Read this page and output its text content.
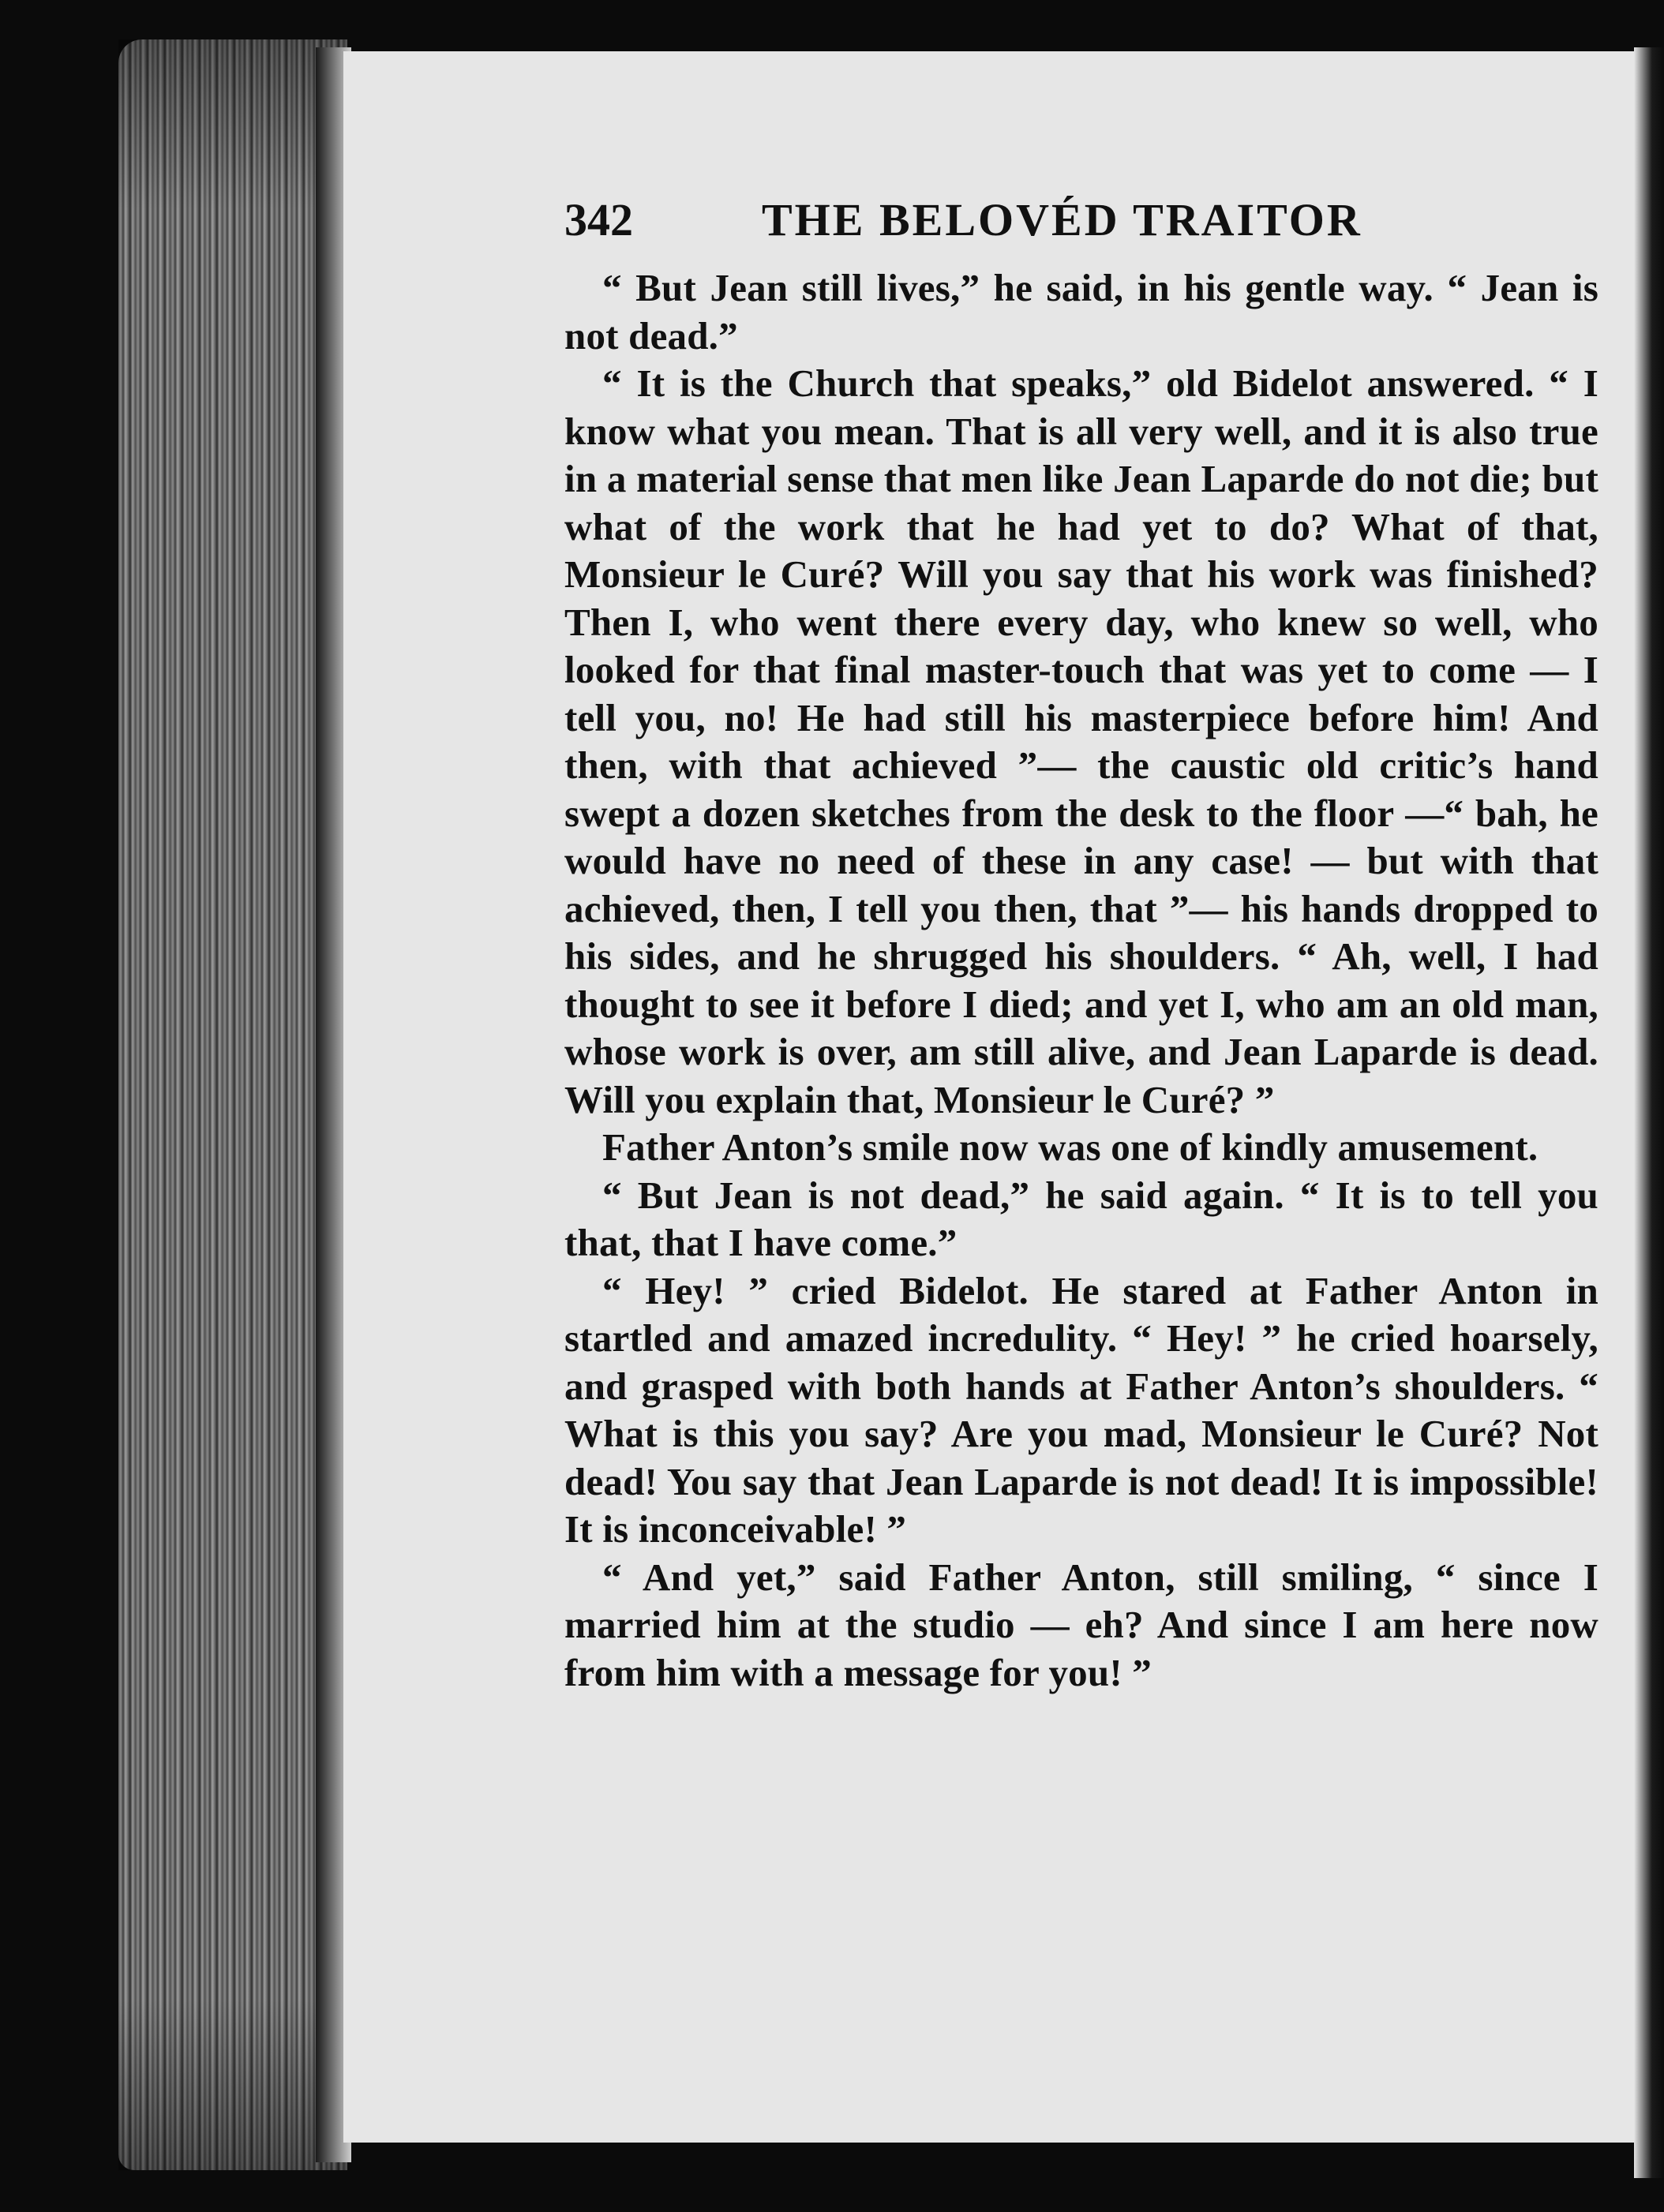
342	THE BELOVÉD TRAITOR

“ But Jean still lives,” he said, in his gentle way. “ Jean is not dead.”

“ It is the Church that speaks,” old Bidelot answered. “ I know what you mean. That is all very well, and it is also true in a material sense that men like Jean Laparde do not die; but what of the work that he had yet to do? What of that, Monsieur le Curé? Will you say that his work was finished? Then I, who went there every day, who knew so well, who looked for that final master-touch that was yet to come — I tell you, no! He had still his masterpiece before him! And then, with that achieved ”— the caustic old critic’s hand swept a dozen sketches from the desk to the floor —“ bah, he would have no need of these in any case! — but with that achieved, then, I tell you then, that ”— his hands dropped to his sides, and he shrugged his shoulders. “ Ah, well, I had thought to see it before I died; and yet I, who am an old man, whose work is over, am still alive, and Jean Laparde is dead. Will you explain that, Monsieur le Curé? ”

Father Anton’s smile now was one of kindly amusement.

“ But Jean is not dead,” he said again. “ It is to tell you that, that I have come.”

“ Hey! ” cried Bidelot. He stared at Father Anton in startled and amazed incredulity. “ Hey! ” he cried hoarsely, and grasped with both hands at Father Anton’s shoulders. “ What is this you say? Are you mad, Monsieur le Curé? Not dead! You say that Jean Laparde is not dead! It is impossible! It is inconceivable! ”

“ And yet,” said Father Anton, still smiling, “ since I married him at the studio — eh? And since I am here now from him with a message for you! ”
